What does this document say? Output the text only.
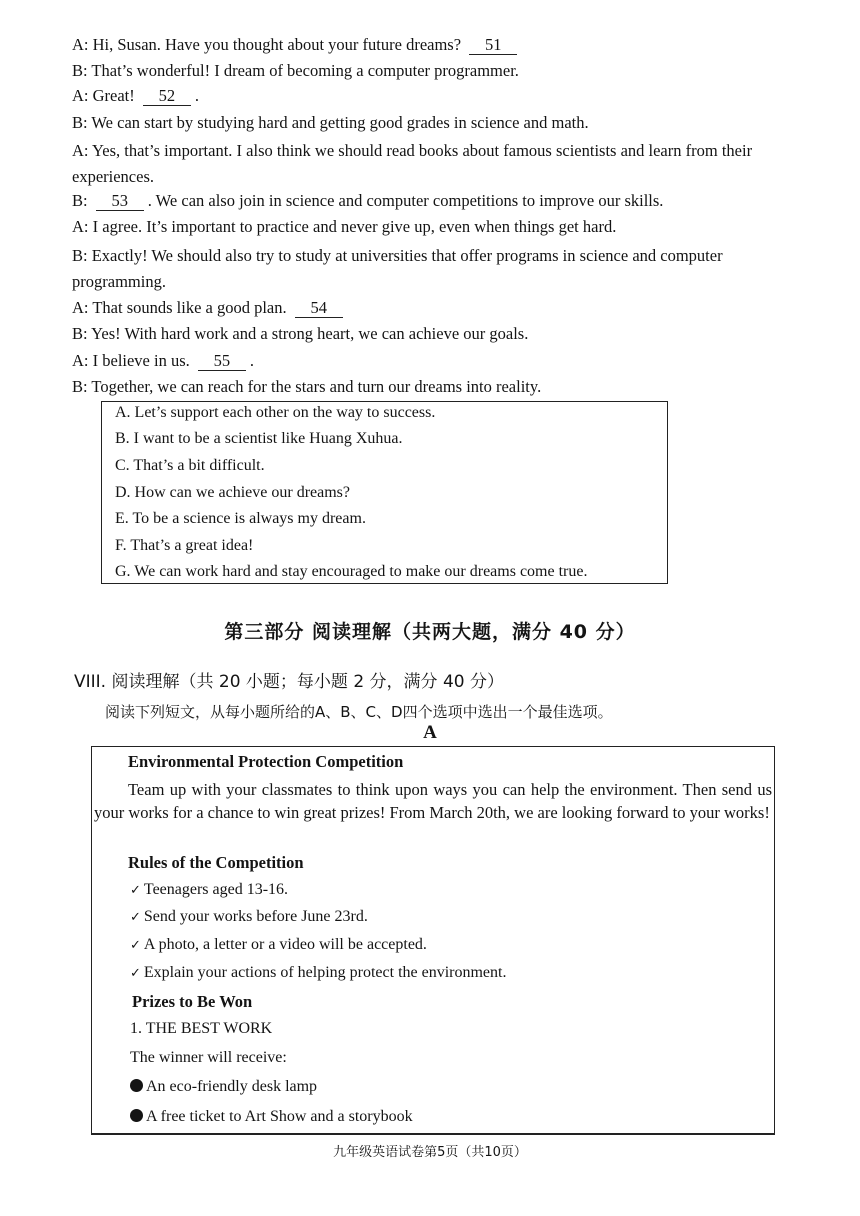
A: Hi, Susan. Have you thought about your future dreams? 51
B: That’s wonderful! I dream of becoming a computer programmer.
A: Great! 52 .
B: We can start by studying hard and getting good grades in science and math.
A: Yes, that’s important. I also think we should read books about famous scientists and learn from their experiences.
B: 53 . We can also join in science and computer competitions to improve our skills.
A: I agree. It’s important to practice and never give up, even when things get hard.
B: Exactly! We should also try to study at universities that offer programs in science and computer programming.
A: That sounds like a good plan. 54
B: Yes! With hard work and a strong heart, we can achieve our goals.
A: I believe in us. 55 .
B: Together, we can reach for the stars and turn our dreams into reality.
A. Let’s support each other on the way to success.
B. I want to be a scientist like Huang Xuhua.
C. That’s a bit difficult.
D. How can we achieve our dreams?
E. To be a science is always my dream.
F. That’s a great idea!
G. We can work hard and stay encouraged to make our dreams come true.
第三部分 阅读理解（共两大题，满分 40 分）
VIII. 阅读理解（共 20 小题；每小题 2 分，满分 40 分）
阅读下列短文，从每小题所给的A、B、C、D四个选项中选出一个最佳选项。
A
Environmental Protection Competition
Team up with your classmates to think upon ways you can help the environment. Then send us your works for a chance to win great prizes! From March 20th, we are looking forward to your works!
Rules of the Competition
✓ Teenagers aged 13-16.
✓ Send your works before June 23rd.
✓ A photo, a letter or a video will be accepted.
✓ Explain your actions of helping protect the environment.
Prizes to Be Won
1. THE BEST WORK
The winner will receive:
An eco-friendly desk lamp
A free ticket to Art Show and a storybook
九年级英语试卷第5页（共10页）
